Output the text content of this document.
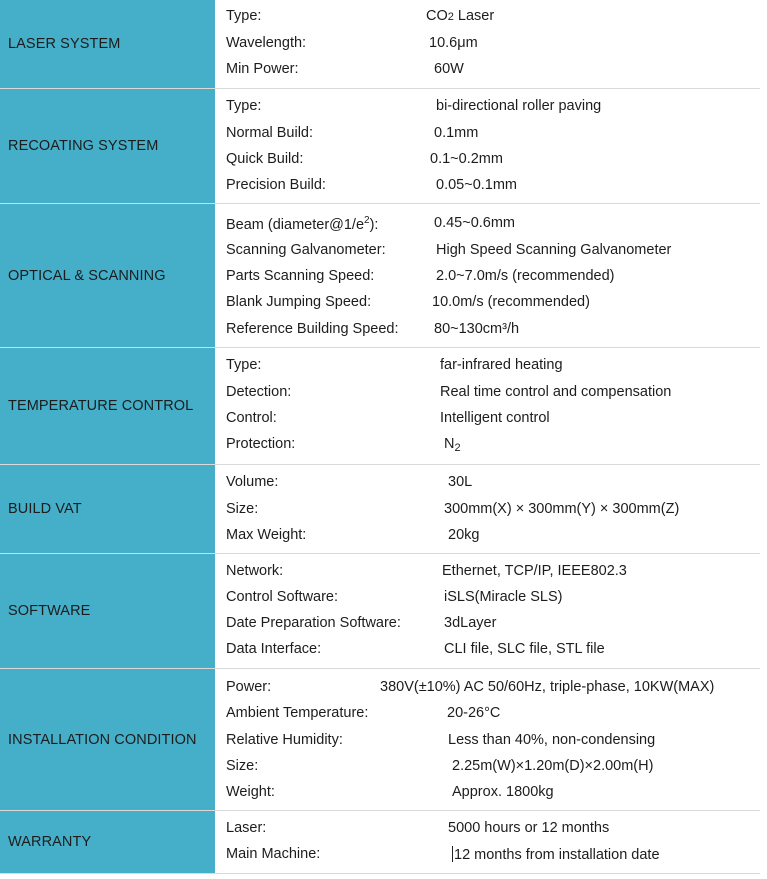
LASER SYSTEM
Type:	CO2 Laser
Wavelength:	10.6μm
Min Power:	60W
RECOATING SYSTEM
Type:	bi-directional roller paving
Normal Build:	0.1mm
Quick Build:	0.1~0.2mm
Precision Build:	0.05~0.1mm
OPTICAL & SCANNING
Beam $(diameter@1/e^2)$:	0.45~0.6mm
Scanning Galvanometer:	High Speed Scanning Galvanometer
Parts Scanning Speed:	2.0~7.0m/s (recommended)
Blank Jumping Speed:	10.0m/s (recommended)
Reference Building Speed: 80~130cm³/h
TEMPERATURE CONTROL
Type:	far-infrared heating
Detection:	Real time control and compensation
Control:	Intelligent control
Protection:	$N_2$
BUILD VAT
Volume:	30L
Size:	300mm(X) × 300mm(Y) × 300mm(Z)
Max Weight:	20kg
SOFTWARE
Network:	Ethernet, TCP/IP, IEEE802.3
Control Software:	iSLS(Miracle SLS)
Date Preparation Software:	3dLayer
Data Interface:	CLI file, SLC file, STL file
INSTALLATION CONDITION
Power:	380V(±10%) AC 50/60Hz, triple-phase, 10KW(MAX)
Ambient Temperature:	20-26°C
Relative Humidity:	Less than 40%, non-condensing
Size:	2.25m(W)×1.20m(D)×2.00m(H)
Weight:	Approx. 1800kg
WARRANTY
Laser:	5000 hours or 12 months
Main Machine:	12 months from installation date
